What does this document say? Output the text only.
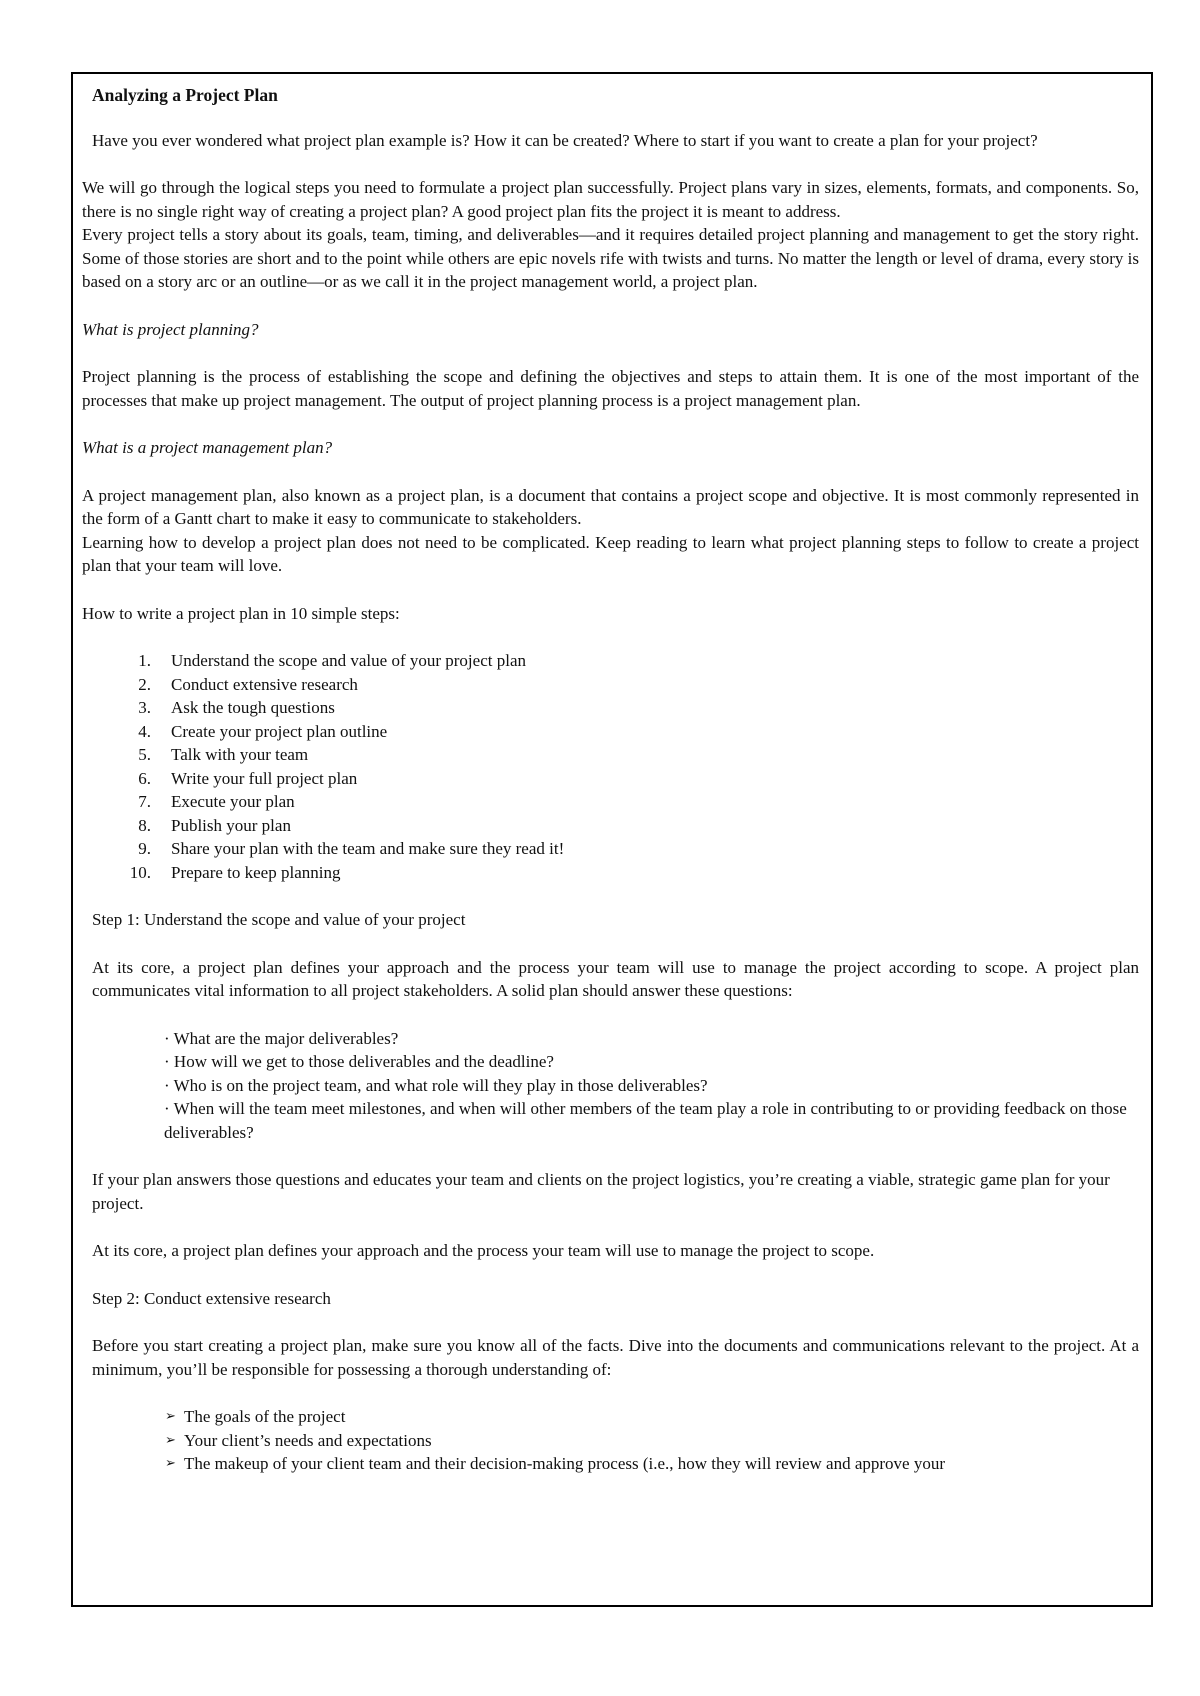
Analyzing a Project Plan

Have you ever wondered what project plan example is? How it can be created? Where to start if you want to create a plan for your project?

We will go through the logical steps you need to formulate a project plan successfully. Project plans vary in sizes, elements, formats, and components. So, there is no single right way of creating a project plan? A good project plan fits the project it is meant to address.

Every project tells a story about its goals, team, timing, and deliverables—and it requires detailed project planning and management to get the story right. Some of those stories are short and to the point while others are epic novels rife with twists and turns. No matter the length or level of drama, every story is based on a story arc or an outline—or as we call it in the project management world, a project plan.

What is project planning?

Project planning is the process of establishing the scope and defining the objectives and steps to attain them. It is one of the most important of the processes that make up project management. The output of project planning process is a project management plan.

What is a project management plan?

A project management plan, also known as a project plan, is a document that contains a project scope and objective. It is most commonly represented in the form of a Gantt chart to make it easy to communicate to stakeholders.

Learning how to develop a project plan does not need to be complicated. Keep reading to learn what project planning steps to follow to create a project plan that your team will love.

How to write a project plan in 10 simple steps:

1.	Understand the scope and value of your project plan
2.	Conduct extensive research
3.	Ask the tough questions
4.	Create your project plan outline
5.	Talk with your team
6.	Write your full project plan
7.	Execute your plan
8.	Publish your plan
9.	Share your plan with the team and make sure they read it!
10.	Prepare to keep planning

Step 1: Understand the scope and value of your project

At its core, a project plan defines your approach and the process your team will use to manage the project according to scope. A project plan communicates vital information to all project stakeholders. A solid plan should answer these questions:

· What are the major deliverables?
· How will we get to those deliverables and the deadline?
· Who is on the project team, and what role will they play in those deliverables?
· When will the team meet milestones, and when will other members of the team play a role in contributing to or providing feedback on those deliverables?

If your plan answers those questions and educates your team and clients on the project logistics, you’re creating a viable, strategic game plan for your project.

At its core, a project plan defines your approach and the process your team will use to manage the project to scope.

Step 2: Conduct extensive research

Before you start creating a project plan, make sure you know all of the facts. Dive into the documents and communications relevant to the project. At a minimum, you’ll be responsible for possessing a thorough understanding of:

➢ The goals of the project
➢ Your client’s needs and expectations
➢ The makeup of your client team and their decision-making process (i.e., how they will review and approve your
